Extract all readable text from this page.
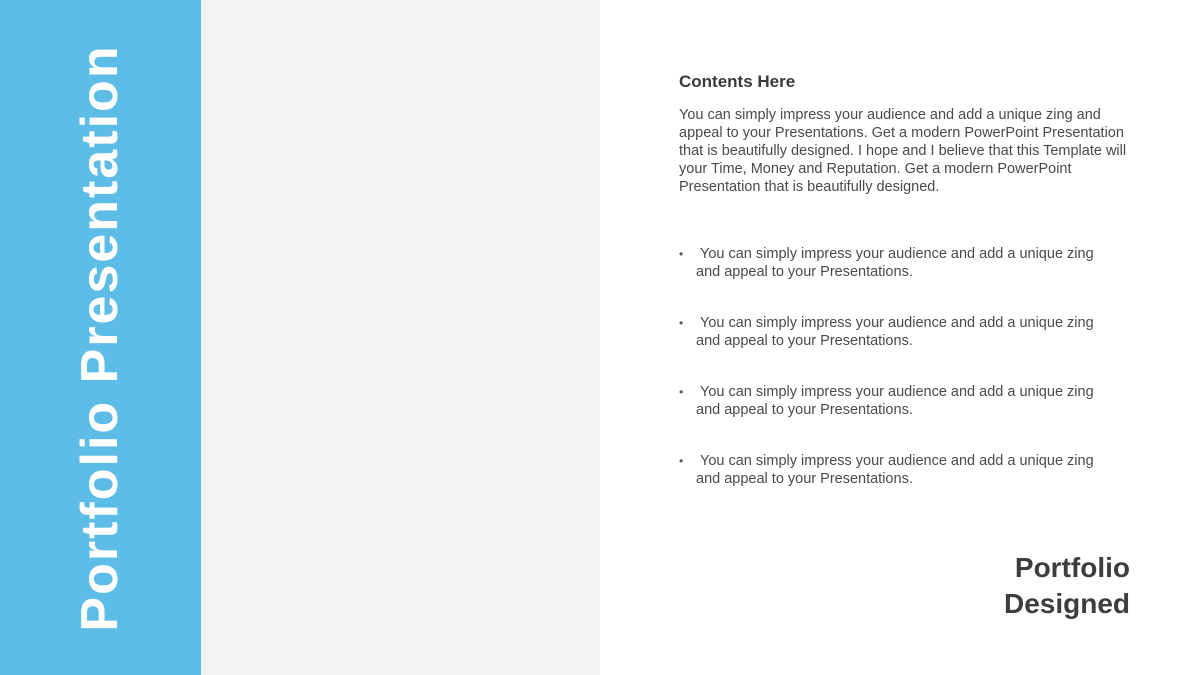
Portfolio Presentation	Contents Here

You can simply impress your audience and add a unique zing and appeal to your Presentations. Get a modern PowerPoint Presentation that is beautifully designed. I hope and I believe that this Template will your Time, Money and Reputation. Get a modern PowerPoint Presentation that is beautifully designed.

• You can simply impress your audience and add a unique zing and appeal to your Presentations.
• You can simply impress your audience and add a unique zing and appeal to your Presentations.
• You can simply impress your audience and add a unique zing and appeal to your Presentations.
• You can simply impress your audience and add a unique zing and appeal to your Presentations.
Portfolio
Designed
